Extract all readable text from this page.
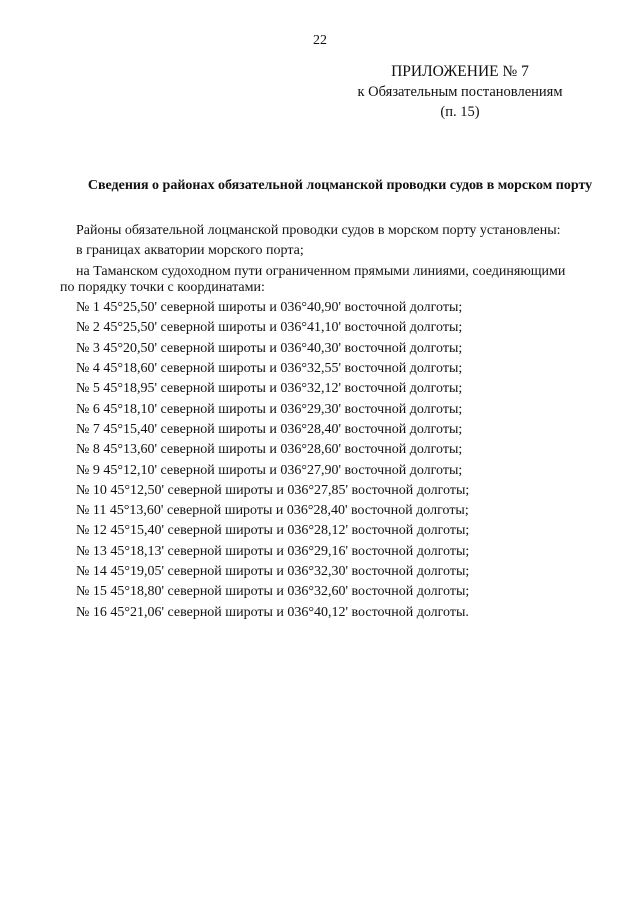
22
ПРИЛОЖЕНИЕ № 7
к Обязательным постановлениям
(п. 15)
Сведения о районах обязательной лоцманской проводки судов в морском порту

Районы обязательной лоцманской проводки судов в морском порту установлены:

в границах акватории морского порта;

на Таманском судоходном пути ограниченном прямыми линиями, соединяющими

по порядку точки с координатами:

№ 1 45°25,50' северной широты и 036°40,90' восточной долготы;
№ 2 45°25,50' северной широты и 036°41,10' восточной долготы;
№ 3 45°20,50' северной широты и 036°40,30' восточной долготы;
№ 4 45°18,60' северной широты и 036°32,55' восточной долготы;
№ 5 45°18,95' северной широты и 036°32,12' восточной долготы;
№ 6 45°18,10' северной широты и 036°29,30' восточной долготы;
№ 7 45°15,40' северной широты и 036°28,40' восточной долготы;
№ 8 45°13,60' северной широты и 036°28,60' восточной долготы;
№ 9 45°12,10' северной широты и 036°27,90' восточной долготы;
№ 10 45°12,50' северной широты и 036°27,85' восточной долготы;
№ 11 45°13,60' северной широты и 036°28,40' восточной долготы;
№ 12 45°15,40' северной широты и 036°28,12' восточной долготы;
№ 13 45°18,13' северной широты и 036°29,16' восточной долготы;
№ 14 45°19,05' северной широты и 036°32,30' восточной долготы;
№ 15 45°18,80' северной широты и 036°32,60' восточной долготы;
№ 16 45°21,06' северной широты и 036°40,12' восточной долготы.
